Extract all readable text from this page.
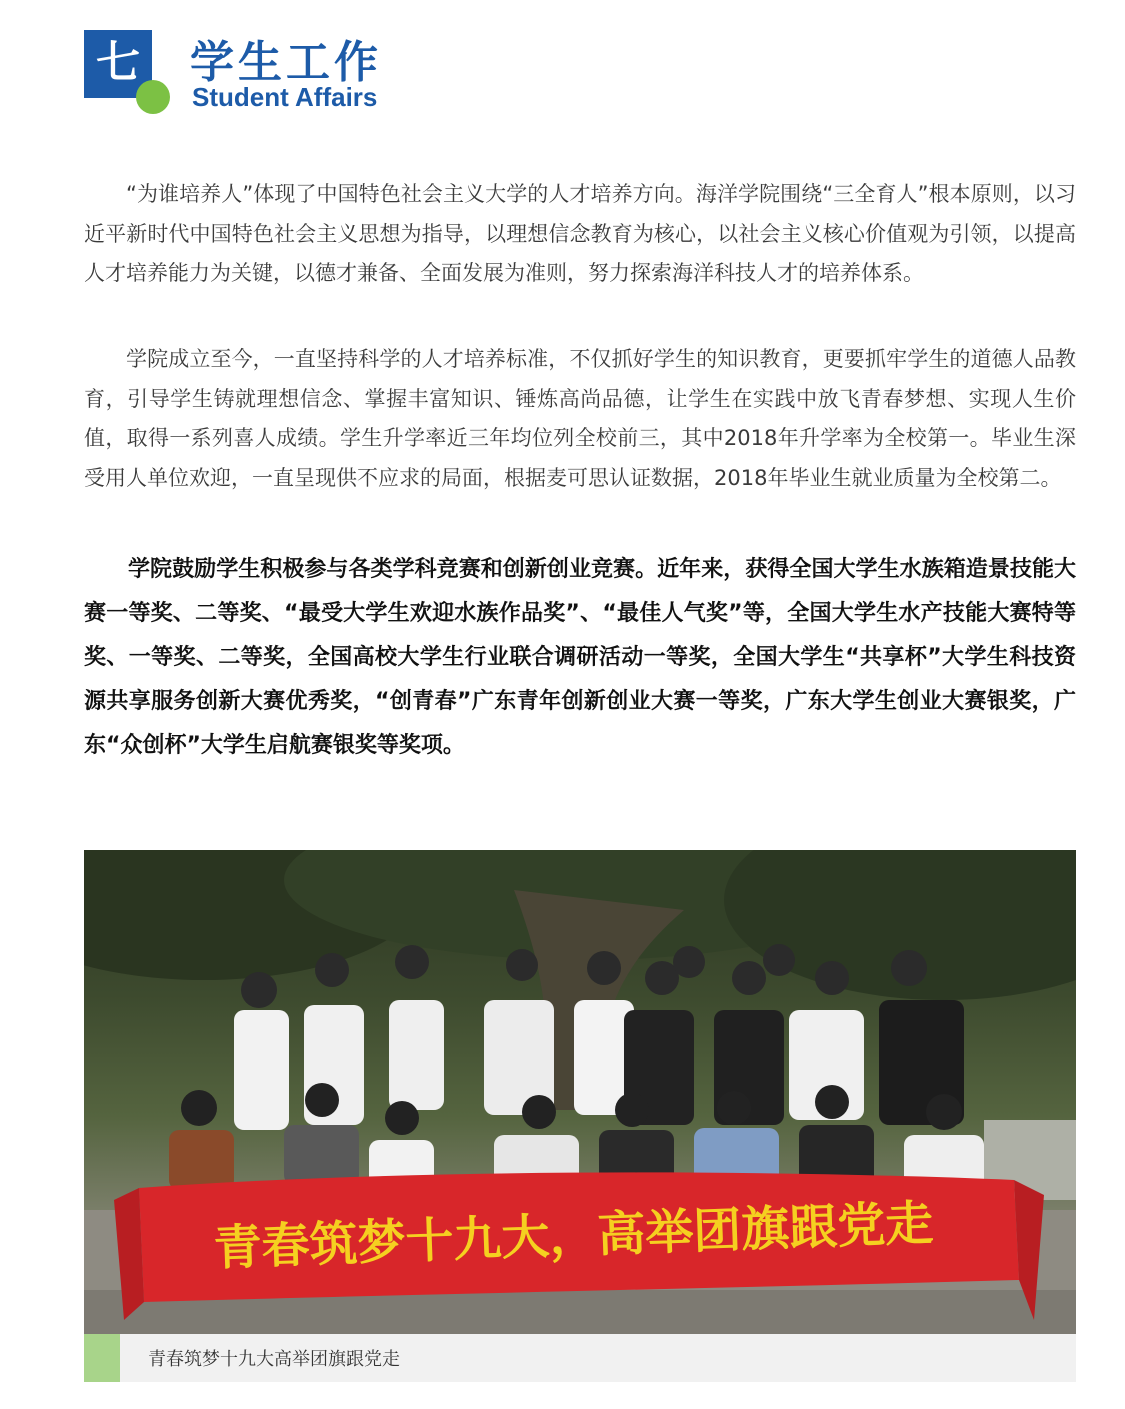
七 学生工作
Student Affairs

“为谁培养人”体现了中国特色社会主义大学的人才培养方向。海洋学院围绕“三全育人”根本原则，以习近平新时代中国特色社会主义思想为指导，以理想信念教育为核心，以社会主义核心价值观为引领，以提高人才培养能力为关键，以德才兼备、全面发展为准则，努力探索海洋科技人才的培养体系。

学院成立至今，一直坚持科学的人才培养标准，不仅抓好学生的知识教育，更要抓牢学生的道德人品教育，引导学生铸就理想信念、掌握丰富知识、锤炼高尚品德，让学生在实践中放飞青春梦想、实现人生价值，取得一系列喜人成绩。学生升学率近三年均位列全校前三，其中2018年升学率为全校第一。毕业生深受用人单位欢迎，一直呈现供不应求的局面，根据麦可思认证数据，2018年毕业生就业质量为全校第二。

学院鼓励学生积极参与各类学科竞赛和创新创业竞赛。近年来，获得全国大学生水族箱造景技能大赛一等奖、二等奖、“最受大学生欢迎水族作品奖”、“最佳人气奖”等，全国大学生水产技能大赛特等奖、一等奖、二等奖，全国高校大学生行业联合调研活动一等奖，全国大学生“共享杯”大学生科技资源共享服务创新大赛优秀奖，“创青春”广东青年创新创业大赛一等奖，广东大学生创业大赛银奖，广东“众创杯”大学生启航赛银奖等奖项。

青春筑梦十九大，高举团旗跟党走
青春筑梦十九大高举团旗跟党走
